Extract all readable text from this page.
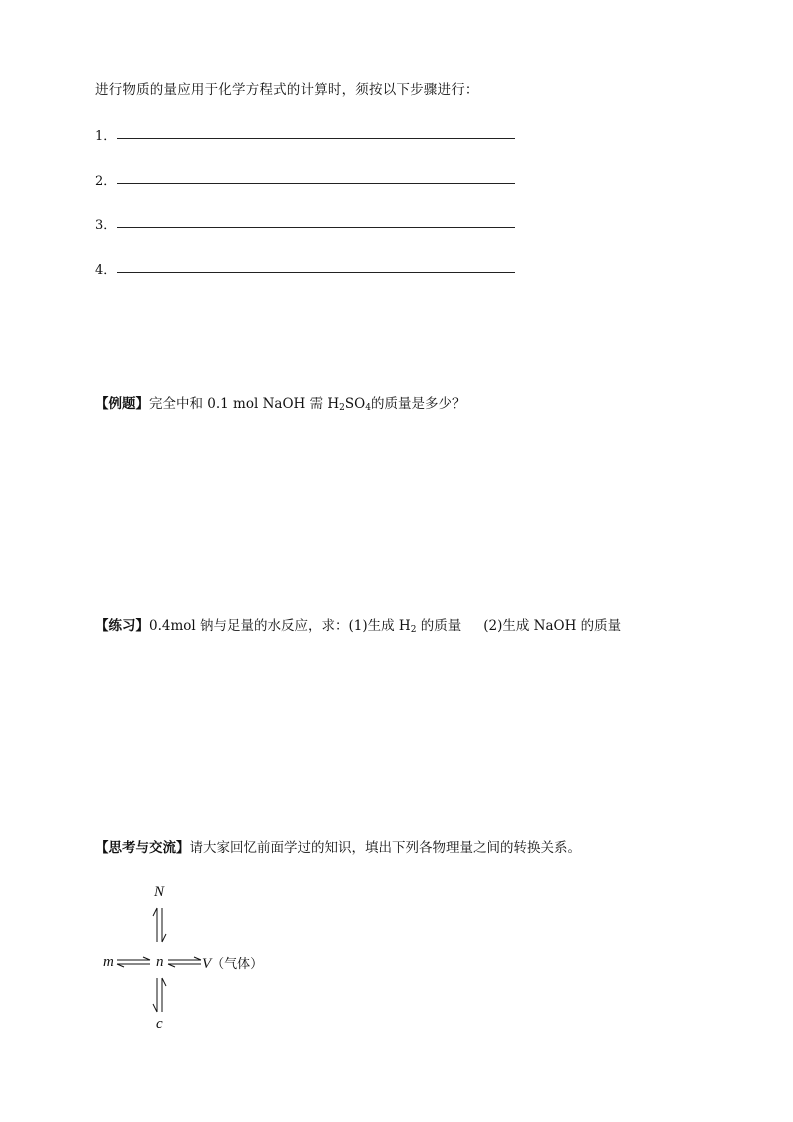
进行物质的量应用于化学方程式的计算时，须按以下步骤进行：
1．
2．
3．
4．
【例题】完全中和 0.1 mol NaOH 需 $H_2SO_4$的质量是多少？
【练习】0.4mol 钠与足量的水反应，求：(1)生成 $H_2$ 的质量 (2)生成 NaOH 的质量
【思考与交流】请大家回忆前面学过的知识，填出下列各物理量之间的转换关系。
N
m	n	V（气体）
c
